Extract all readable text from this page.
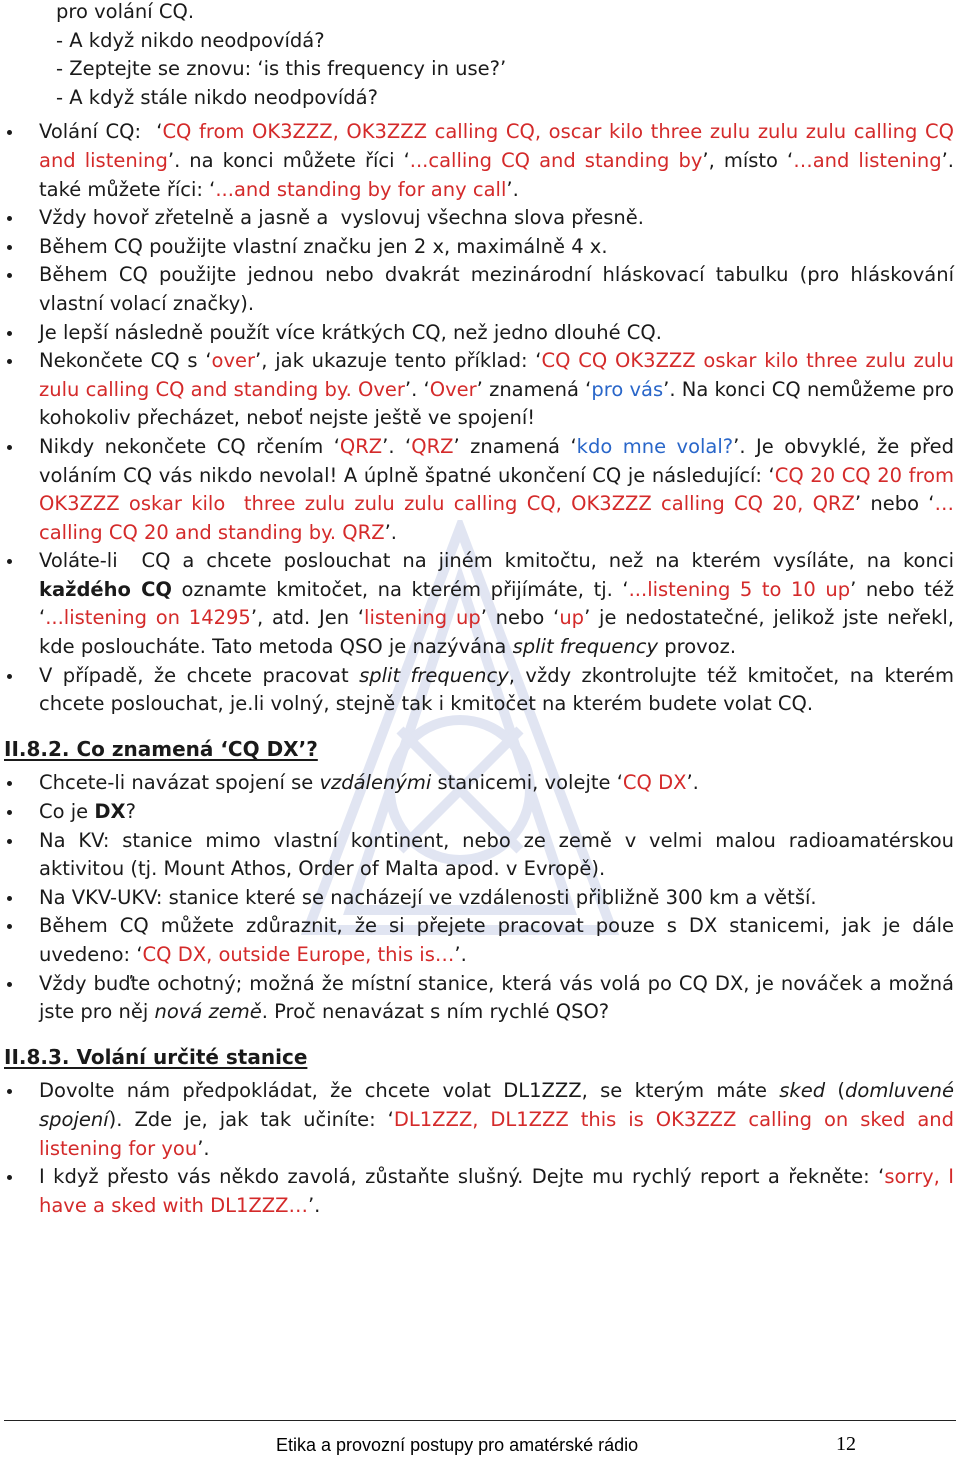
pro volání CQ.

- A když nikdo neodpovídá?

- Zeptejte se znovu: ‘is this frequency in use?’

- A když stále nikdo neodpovídá?

Volání CQ:  ‘CQ from OK3ZZZ, OK3ZZZ calling CQ, oscar kilo three zulu zulu zulu calling CQ and listening’. na konci můžete říci ‘...calling CQ and standing by’, místo ‘…and listening’. také můžete říci: ‘...and standing by for any call’.
Vždy hovoř zřetelně a jasně a  vyslovuj všechna slova přesně.
Během CQ použijte vlastní značku jen 2 x, maximálně 4 x.
Během CQ použijte jednou nebo dvakrát mezinárodní hláskovací tabulku (pro hláskování vlastní volací značky).
Je lepší následně použít více krátkých CQ, než jedno dlouhé CQ.
Nekončete CQ s ‘over’, jak ukazuje tento příklad: ‘CQ CQ OK3ZZZ oskar kilo three zulu zulu zulu calling CQ and standing by. Over’. ‘Over’ znamená ‘pro vás’. Na konci CQ nemůžeme pro kohokoliv přecházet, neboť nejste ještě ve spojení!
Nikdy nekončete CQ rčením ‘QRZ’. ‘QRZ’ znamená ‘kdo mne volal?’. Je obvyklé, že před voláním CQ vás nikdo nevolal! A úplně špatné ukončení CQ je následující: ‘CQ 20 CQ 20 from OK3ZZZ oskar kilo  three zulu zulu zulu calling CQ, OK3ZZZ calling CQ 20, QRZ’ nebo ‘…calling CQ 20 and standing by. QRZ’.
Voláte-li  CQ a chcete poslouchat na jiném kmitočtu, než na kterém vysíláte, na konci každého CQ oznamte kmitočet, na kterém přijímáte, tj. ‘...listening 5 to 10 up’ nebo též ‘...listening on 14295’, atd. Jen ‘listening up’ nebo ‘up’ je nedostatečné, jelikož jste neřekl, kde posloucháte. Tato metoda QSO je nazývána split frequency provoz.
V případě, že chcete pracovat split frequency, vždy zkontrolujte též kmitočet, na kterém chcete poslouchat, je.li volný, stejně tak i kmitočet na kterém budete volat CQ.
II.8.2. Co znamená ‘CQ DX’?
Chcete-li navázat spojení se vzdálenými stanicemi, volejte ‘CQ DX’.
Co je DX?
Na KV: stanice mimo vlastní kontinent, nebo ze země v velmi malou radioamatérskou aktivitou (tj. Mount Athos, Order of Malta apod. v Evropě).
Na VKV-UKV: stanice které se nacházejí ve vzdálenosti přibližně 300 km a větší.
Během CQ můžete zdůraznit, že si přejete pracovat pouze s DX stanicemi, jak je dále uvedeno: ‘CQ DX, outside Europe, this is…’.
Vždy buďte ochotný; možná že místní stanice, která vás volá po CQ DX, je nováček a možná jste pro něj nová země. Proč nenavázat s ním rychlé QSO?
II.8.3. Volání určité stanice
Dovolte nám předpokládat, že chcete volat DL1ZZZ, se kterým máte sked (domluvené spojení). Zde je, jak tak učiníte: ‘DL1ZZZ, DL1ZZZ this is OK3ZZZ calling on sked and listening for you’.
I když přesto vás někdo zavolá, zůstaňte slušný. Dejte mu rychlý report a řekněte: ‘sorry, I have a sked with DL1ZZZ…’.
Etika a provozní postupy pro amatérské rádio	12
